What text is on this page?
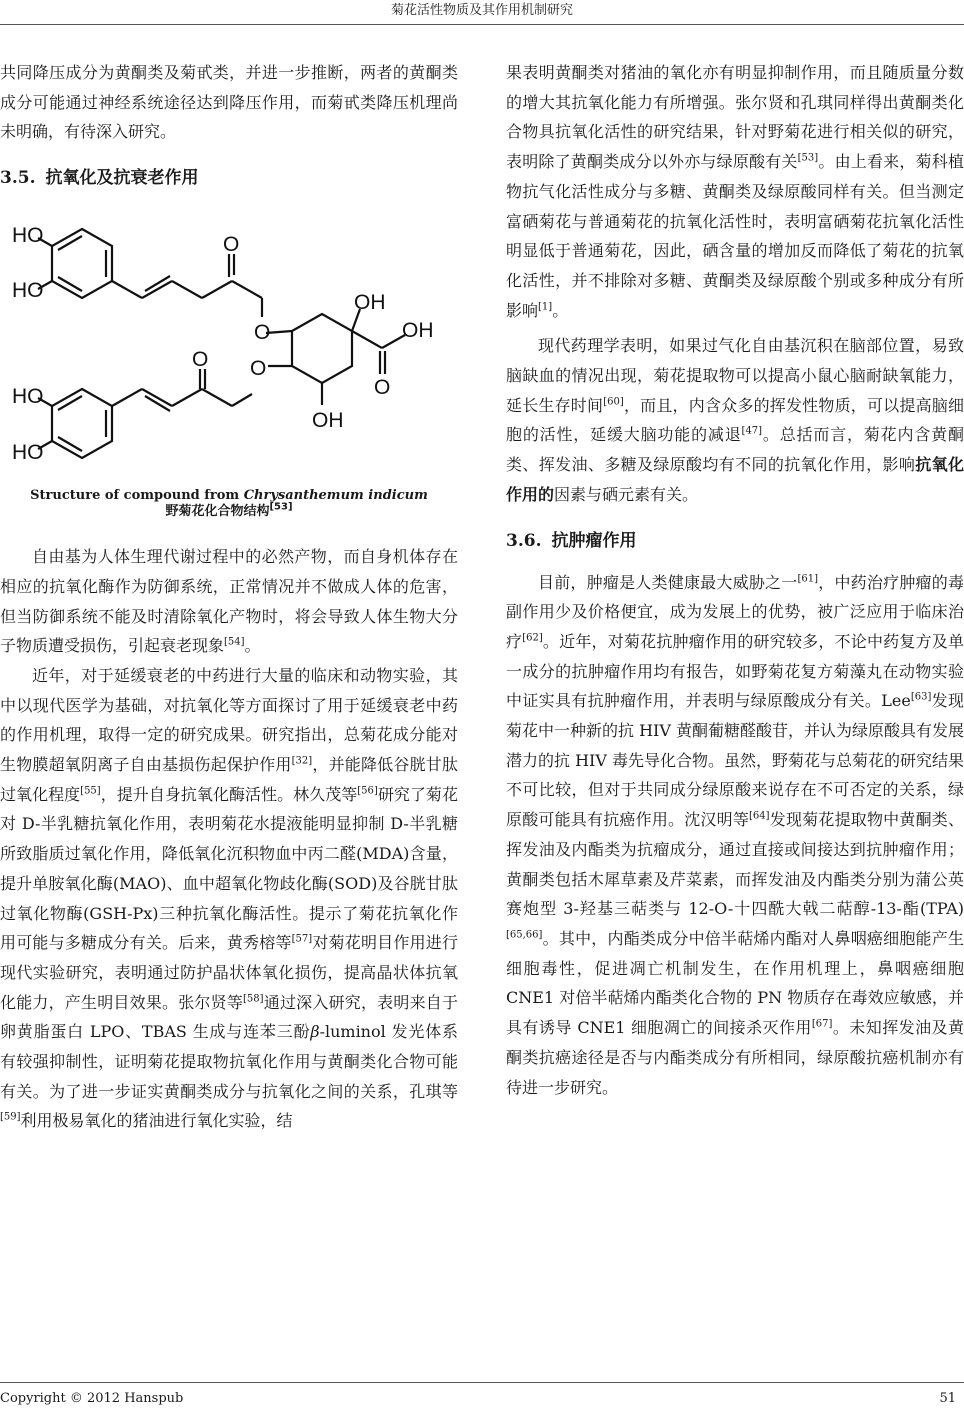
菊花活性物质及其作用机制研究

共同降压成分为黄酮类及菊甙类，并进一步推断，两者的黄酮类成分可能通过神经系统途径达到降压作用，而菊甙类降压机理尚未明确，有待深入研究。

3.5. 抗氧化及抗衰老作用
HO
HO
O
O
OH
OH
O
O
O
OH
HO
HO
Structure of compound from Chrysanthemum indicum
野菊花化合物结构[53]

自由基为人体生理代谢过程中的必然产物，而自身机体存在相应的抗氧化酶作为防御系统，正常情况并不做成人体的危害，但当防御系统不能及时清除氧化产物时，将会导致人体生物大分子物质遭受损伤，引起衰老现象[54]。

近年，对于延缓衰老的中药进行大量的临床和动物实验，其中以现代医学为基础，对抗氧化等方面探讨了用于延缓衰老中药的作用机理，取得一定的研究成果。研究指出，总菊花成分能对生物膜超氧阴离子自由基损伤起保护作用[32]，并能降低谷胱甘肽过氧化程度[55]，提升自身抗氧化酶活性。林久茂等[56]研究了菊花对 D-半乳糖抗氧化作用，表明菊花水提液能明显抑制 D-半乳糖所致脂质过氧化作用，降低氧化沉积物血中丙二醛(MDA)含量，提升单胺氧化酶(MAO)、血中超氧化物歧化酶(SOD)及谷胱甘肽过氧化物酶(GSH-Px)三种抗氧化酶活性。提示了菊花抗氧化作用可能与多糖成分有关。后来，黄秀榕等[57]对菊花明目作用进行现代实验研究，表明通过防护晶状体氧化损伤，提高晶状体抗氧化能力，产生明目效果。张尔贤等[58]通过深入研究，表明来自于卵黄脂蛋白 LPO、TBAS 生成与连苯三酚β-luminol 发光体系有较强抑制性，证明菊花提取物抗氧化作用与黄酮类化合物可能有关。为了进一步证实黄酮类成分与抗氧化之间的关系，孔琪等[59]利用极易氧化的猪油进行氧化实验，结

果表明黄酮类对猪油的氧化亦有明显抑制作用，而且随质量分数的增大其抗氧化能力有所增强。张尔贤和孔琪同样得出黄酮类化合物具抗氧化活性的研究结果，针对野菊花进行相关似的研究，表明除了黄酮类成分以外亦与绿原酸有关[53]。由上看来，菊科植物抗气化活性成分与多糖、黄酮类及绿原酸同样有关。但当测定富硒菊花与普通菊花的抗氧化活性时，表明富硒菊花抗氧化活性明显低于普通菊花，因此，硒含量的增加反而降低了菊花的抗氧化活性，并不排除对多糖、黄酮类及绿原酸个别或多种成分有所影响[1]。

现代药理学表明，如果过气化自由基沉积在脑部位置，易致脑缺血的情况出现，菊花提取物可以提高小鼠心脑耐缺氧能力，延长生存时间[60]，而且，内含众多的挥发性物质，可以提高脑细胞的活性，延缓大脑功能的减退[47]。总括而言，菊花内含黄酮类、挥发油、多糖及绿原酸均有不同的抗氧化作用，影响抗氧化作用的因素与硒元素有关。

3.6. 抗肿瘤作用

目前，肿瘤是人类健康最大威胁之一[61]，中药治疗肿瘤的毒副作用少及价格便宜，成为发展上的优势，被广泛应用于临床治疗[62]。近年，对菊花抗肿瘤作用的研究较多，不论中药复方及单一成分的抗肿瘤作用均有报告，如野菊花复方菊藻丸在动物实验中证实具有抗肿瘤作用，并表明与绿原酸成分有关。Lee[63]发现菊花中一种新的抗 HIV 黄酮葡糖醛酸苷，并认为绿原酸具有发展潜力的抗 HIV 毒先导化合物。虽然，野菊花与总菊花的研究结果不可比较，但对于共同成分绿原酸来说存在不可否定的关系，绿原酸可能具有抗癌作用。沈汉明等[64]发现菊花提取物中黄酮类、挥发油及内酯类为抗瘤成分，通过直接或间接达到抗肿瘤作用；黄酮类包括木犀草素及芹菜素，而挥发油及内酯类分别为蒲公英赛炮型 3-羟基三萜类与 12-O-十四酰大戟二萜醇-13-酯(TPA)[65,66]。其中，内酯类成分中倍半萜烯内酯对人鼻咽癌细胞能产生细胞毒性，促进凋亡机制发生，在作用机理上，鼻咽癌细胞 CNE1 对倍半萜烯内酯类化合物的 PN 物质存在毒效应敏感，并具有诱导 CNE1 细胞凋亡的间接杀灭作用[67]。未知挥发油及黄酮类抗癌途径是否与内酯类成分有所相同，绿原酸抗癌机制亦有待进一步研究。

Copyright © 2012 Hanspub	51
